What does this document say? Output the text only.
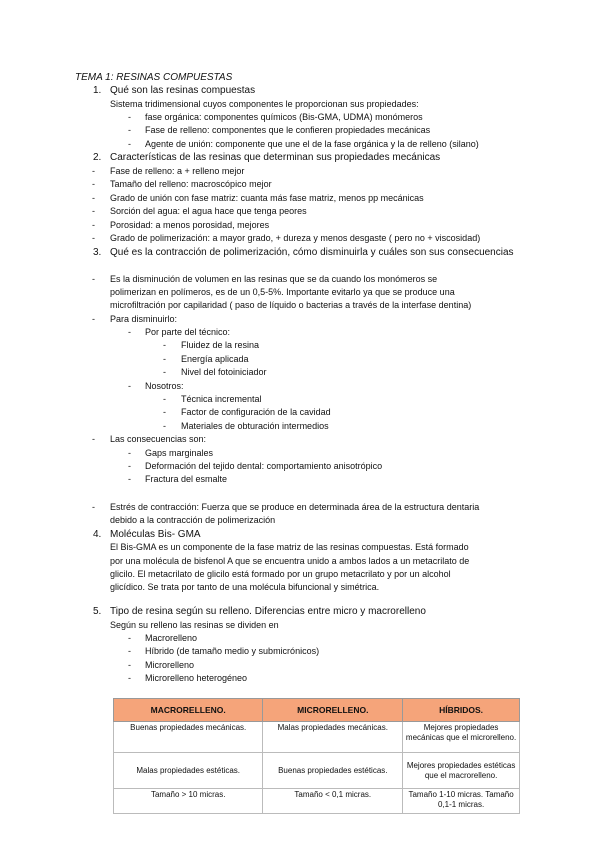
TEMA 1: RESINAS COMPUESTAS
1. Qué son las resinas compuestas
Sistema tridimensional cuyos componentes le proporcionan sus propiedades:
- fase orgánica: componentes químicos (Bis-GMA, UDMA) monómeros
- Fase de relleno: componentes que le confieren propiedades mecánicas
- Agente de unión: componente que une el de la fase orgánica y la de relleno (silano)
2. Características de las resinas que determinan sus propiedades mecánicas
- Fase de relleno: a + relleno mejor
- Tamaño del relleno: macroscópico mejor
- Grado de unión con fase matriz: cuanta más fase matriz, menos pp mecánicas
- Sorción del agua: el agua hace que tenga peores
- Porosidad: a menos porosidad, mejores
- Grado de polimerización: a mayor grado, + dureza y menos desgaste ( pero no + viscosidad)
3. Qué es la contracción de polimerización, cómo disminuirla y cuáles son sus consecuencias
- Es la disminución de volumen en las resinas que se da cuando los monómeros se
polimerizan en polímeros, es de un 0,5-5%. Importante evitarlo ya que se produce una
microfiltración por capilaridad ( paso de líquido o bacterias a través de la interfase dentina)
- Para disminuirlo:
- Por parte del técnico:
- Fluidez de la resina
- Energía aplicada
- Nivel del fotoiniciador
- Nosotros:
- Técnica incremental
- Factor de configuración de la cavidad
- Materiales de obturación intermedios
- Las consecuencias son:
- Gaps marginales
- Deformación del tejido dental: comportamiento anisotrópico
- Fractura del esmalte
- Estrés de contracción: Fuerza que se produce en determinada área de la estructura dentaria
debido a la contracción de polimerización
4. Moléculas Bis- GMA
El Bis-GMA es un componente de la fase matriz de las resinas compuestas. Está formado
por una molécula de bisfenol A que se encuentra unido a ambos lados a un metacrilato de
glicilo. El metacrilato de glicilo está formado por un grupo metacrilato y por un alcohol
glicídico. Se trata por tanto de una molécula bifuncional y simétrica.
5. Tipo de resina según su relleno. Diferencias entre micro y macrorelleno
Según su relleno las resinas se dividen en
- Macrorelleno
- Híbrido (de tamaño medio y submicrónicos)
- Microrelleno
- Microrelleno heterogéneo
MACRORELLENO.	MICRORELLENO.	HÍBRIDOS.
Buenas propiedades mecánicas.	Malas propiedades mecánicas.	Mejores propiedades mecánicas que el microrelleno.
Malas propiedades estéticas.	Buenas propiedades estéticas.	Mejores propiedades estéticas que el macrorelleno.
Tamaño > 10 micras.	Tamaño < 0,1 micras.	Tamaño 1-10 micras. Tamaño 0,1-1 micras.
